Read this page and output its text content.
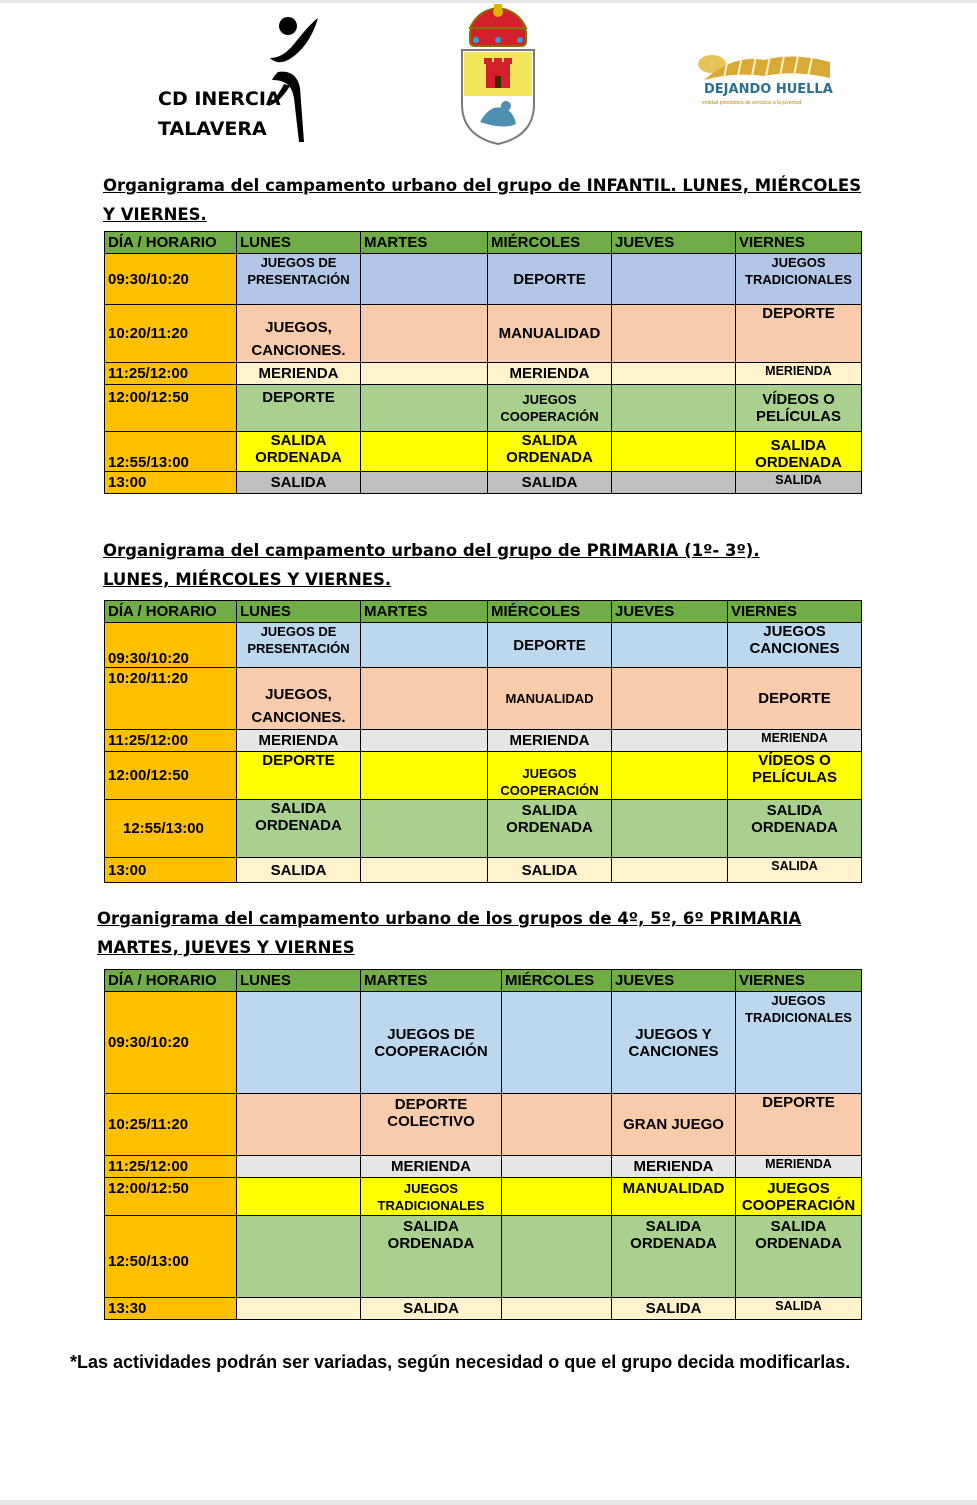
CD INERCIA
TALAVERA
DEJANDO HUELLA
entidad prestadora de servicios a la juventud
Organigrama del campamento urbano del grupo de INFANTIL. LUNES, MIÉRCOLES Y VIERNES.
DÍA / HORARIO	LUNES	MARTES	MIÉRCOLES	JUEVES	VIERNES
09:30/10:20	JUEGOS DE PRESENTACIÓN		DEPORTE		JUEGOS TRADICIONALES
10:20/11:20	JUEGOS, CANCIONES.		MANUALIDAD		DEPORTE
11:25/12:00	MERIENDA		MERIENDA		MERIENDA
12:00/12:50	DEPORTE		JUEGOS COOPERACIÓN		VÍDEOS O PELÍCULAS
12:55/13:00	SALIDA ORDENADA		SALIDA ORDENADA		SALIDA ORDENADA
13:00	SALIDA		SALIDA		SALIDA
Organigrama del campamento urbano del grupo de PRIMARIA (1º- 3º). LUNES, MIÉRCOLES Y VIERNES.
DÍA / HORARIO	LUNES	MARTES	MIÉRCOLES	JUEVES	VIERNES
09:30/10:20	JUEGOS DE PRESENTACIÓN		DEPORTE		JUEGOS CANCIONES
10:20/11:20	JUEGOS, CANCIONES.		MANUALIDAD		DEPORTE
11:25/12:00	MERIENDA		MERIENDA		MERIENDA
12:00/12:50	DEPORTE		JUEGOS COOPERACIÓN		VÍDEOS O PELÍCULAS
12:55/13:00	SALIDA ORDENADA		SALIDA ORDENADA		SALIDA ORDENADA
13:00	SALIDA		SALIDA		SALIDA
Organigrama del campamento urbano de los grupos de 4º, 5º, 6º PRIMARIA MARTES, JUEVES Y VIERNES
DÍA / HORARIO	LUNES	MARTES	MIÉRCOLES	JUEVES	VIERNES
09:30/10:20		JUEGOS DE COOPERACIÓN		JUEGOS Y CANCIONES	JUEGOS TRADICIONALES
10:25/11:20		DEPORTE COLECTIVO		GRAN JUEGO	DEPORTE
11:25/12:00		MERIENDA		MERIENDA	MERIENDA
12:00/12:50		JUEGOS TRADICIONALES		MANUALIDAD	JUEGOS COOPERACIÓN
12:50/13:00		SALIDA ORDENADA		SALIDA ORDENADA	SALIDA ORDENADA
13:30		SALIDA		SALIDA	SALIDA
*Las actividades podrán ser variadas, según necesidad o que el grupo decida modificarlas.
